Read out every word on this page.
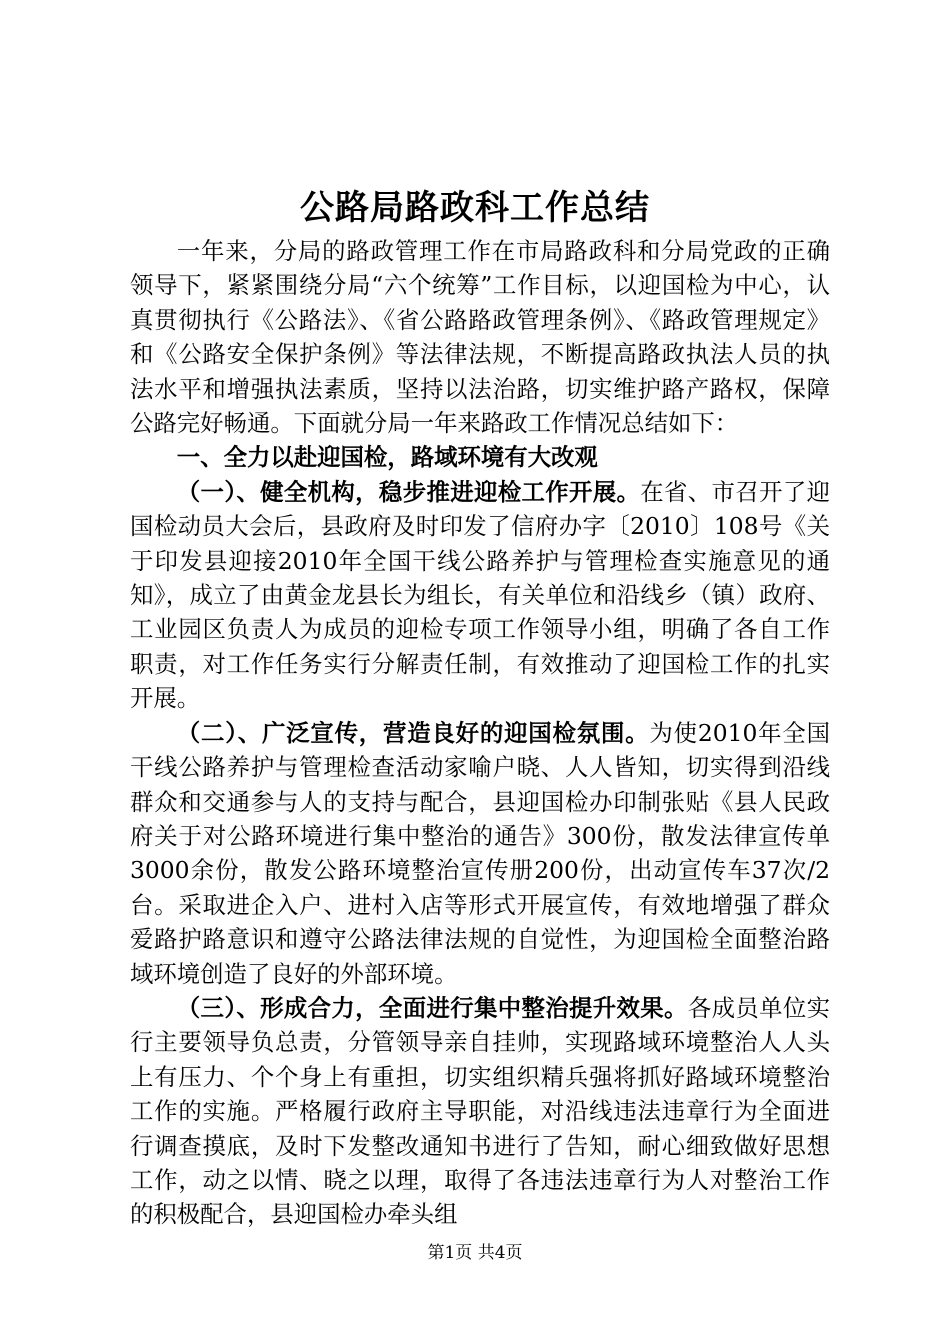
公路局路政科工作总结

一年来，分局的路政管理工作在市局路政科和分局党政的正确领导下，紧紧围绕分局“六个统筹”工作目标，以迎国检为中心，认真贯彻执行《公路法》、《省公路路政管理条例》、《路政管理规定》和《公路安全保护条例》等法律法规，不断提高路政执法人员的执法水平和增强执法素质，坚持以法治路，切实维护路产路权，保障公路完好畅通。下面就分局一年来路政工作情况总结如下：

一、全力以赴迎国检，路域环境有大改观

（一）、健全机构，稳步推进迎检工作开展。在省、市召开了迎国检动员大会后，县政府及时印发了信府办字〔2010〕108号《关于印发县迎接2010年全国干线公路养护与管理检查实施意见的通知》，成立了由黄金龙县长为组长，有关单位和沿线乡（镇）政府、工业园区负责人为成员的迎检专项工作领导小组，明确了各自工作职责，对工作任务实行分解责任制，有效推动了迎国检工作的扎实开展。

（二）、广泛宣传，营造良好的迎国检氛围。为使2010年全国干线公路养护与管理检查活动家喻户晓、人人皆知，切实得到沿线群众和交通参与人的支持与配合，县迎国检办印制张贴《县人民政府关于对公路环境进行集中整治的通告》300份，散发法律宣传单3000余份，散发公路环境整治宣传册200份，出动宣传车37次/2台。采取进企入户、进村入店等形式开展宣传，有效地增强了群众爱路护路意识和遵守公路法律法规的自觉性，为迎国检全面整治路域环境创造了良好的外部环境。

（三）、形成合力，全面进行集中整治提升效果。各成员单位实行主要领导负总责，分管领导亲自挂帅，实现路域环境整治人人头上有压力、个个身上有重担，切实组织精兵强将抓好路域环境整治工作的实施。严格履行政府主导职能，对沿线违法违章行为全面进行调查摸底，及时下发整改通知书进行了告知，耐心细致做好思想工作，动之以情、晓之以理，取得了各违法违章行为人对整治工作的积极配合，县迎国检办牵头组

第1页 共4页
